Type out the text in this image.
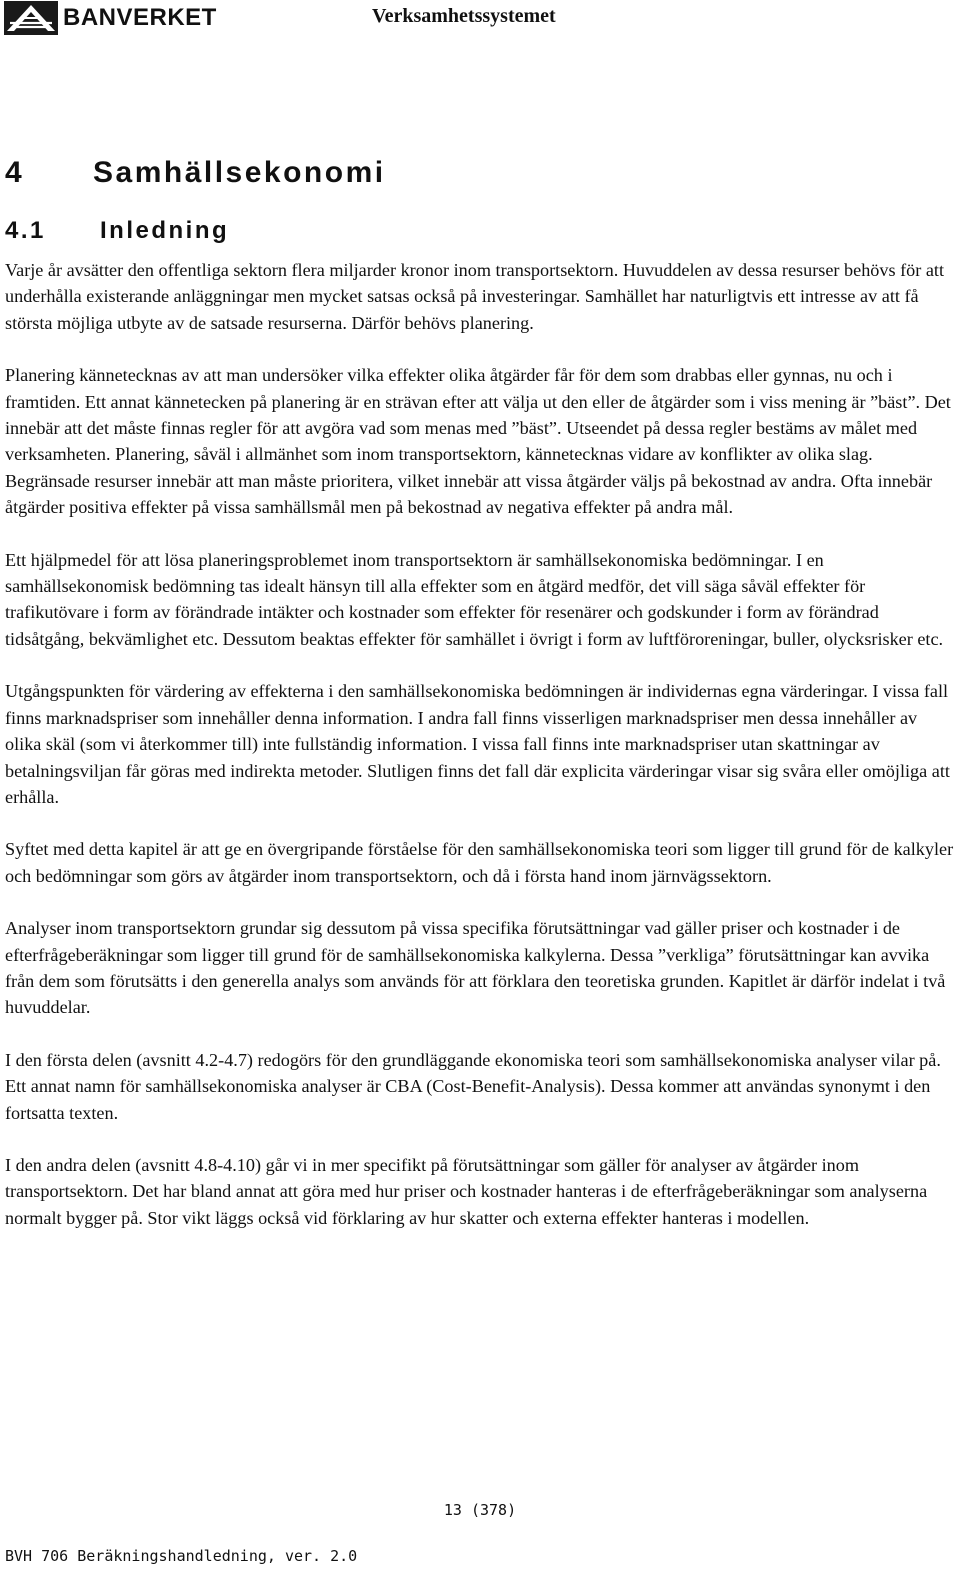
BANVERKET	Verksamhetssystemet
4 Samhällsekonomi
4.1 Inledning

Varje år avsätter den offentliga sektorn flera miljarder kronor inom transportsektorn. Huvuddelen av dessa resurser behövs för att underhålla existerande anläggningar men mycket satsas också på investeringar. Samhället har naturligtvis ett intresse av att få största möjliga utbyte av de satsade resurserna. Därför behövs planering.

Planering kännetecknas av att man undersöker vilka effekter olika åtgärder får för dem som drabbas eller gynnas, nu och i framtiden. Ett annat kännetecken på planering är en strävan efter att välja ut den eller de åtgärder som i viss mening är ”bäst”. Det innebär att det måste finnas regler för att avgöra vad som menas med ”bäst”. Utseendet på dessa regler bestäms av målet med verksamheten. Planering, såväl i allmänhet som inom transportsektorn, kännetecknas vidare av konflikter av olika slag. Begränsade resurser innebär att man måste prioritera, vilket innebär att vissa åtgärder väljs på bekostnad av andra. Ofta innebär åtgärder positiva effekter på vissa samhällsmål men på bekostnad av negativa effekter på andra mål.

Ett hjälpmedel för att lösa planeringsproblemet inom transportsektorn är samhällsekonomiska bedömningar. I en samhällsekonomisk bedömning tas idealt hänsyn till alla effekter som en åtgärd medför, det vill säga såväl effekter för trafikutövare i form av förändrade intäkter och kostnader som effekter för resenärer och godskunder i form av förändrad tidsåtgång, bekvämlighet etc. Dessutom beaktas effekter för samhället i övrigt i form av luftföroreningar, buller, olycksrisker etc.

Utgångspunkten för värdering av effekterna i den samhällsekonomiska bedömningen är individernas egna värderingar. I vissa fall finns marknadspriser som innehåller denna information. I andra fall finns visserligen marknadspriser men dessa innehåller av olika skäl (som vi återkommer till) inte fullständig information. I vissa fall finns inte marknadspriser utan skattningar av betalningsviljan får göras med indirekta metoder. Slutligen finns det fall där explicita värderingar visar sig svåra eller omöjliga att erhålla.

Syftet med detta kapitel är att ge en övergripande förståelse för den samhällsekonomiska teori som ligger till grund för de kalkyler och bedömningar som görs av åtgärder inom transportsektorn, och då i första hand inom järnvägssektorn.

Analyser inom transportsektorn grundar sig dessutom på vissa specifika förutsättningar vad gäller priser och kostnader i de efterfrågeberäkningar som ligger till grund för de samhällsekonomiska kalkylerna. Dessa ”verkliga” förutsättningar kan avvika från dem som förutsätts i den generella analys som används för att förklara den teoretiska grunden. Kapitlet är därför indelat i två huvuddelar.

I den första delen (avsnitt 4.2-4.7) redogörs för den grundläggande ekonomiska teori som samhällsekonomiska analyser vilar på. Ett annat namn för samhällsekonomiska analyser är CBA (Cost-Benefit-Analysis). Dessa kommer att användas synonymt i den fortsatta texten.

I den andra delen (avsnitt 4.8-4.10) går vi in mer specifikt på förutsättningar som gäller för analyser av åtgärder inom transportsektorn. Det har bland annat att göra med hur priser och kostnader hanteras i de efterfrågeberäkningar som analyserna normalt bygger på. Stor vikt läggs också vid förklaring av hur skatter och externa effekter hanteras i modellen.

13 (378)
BVH 706 Beräkningshandledning, ver. 2.0
